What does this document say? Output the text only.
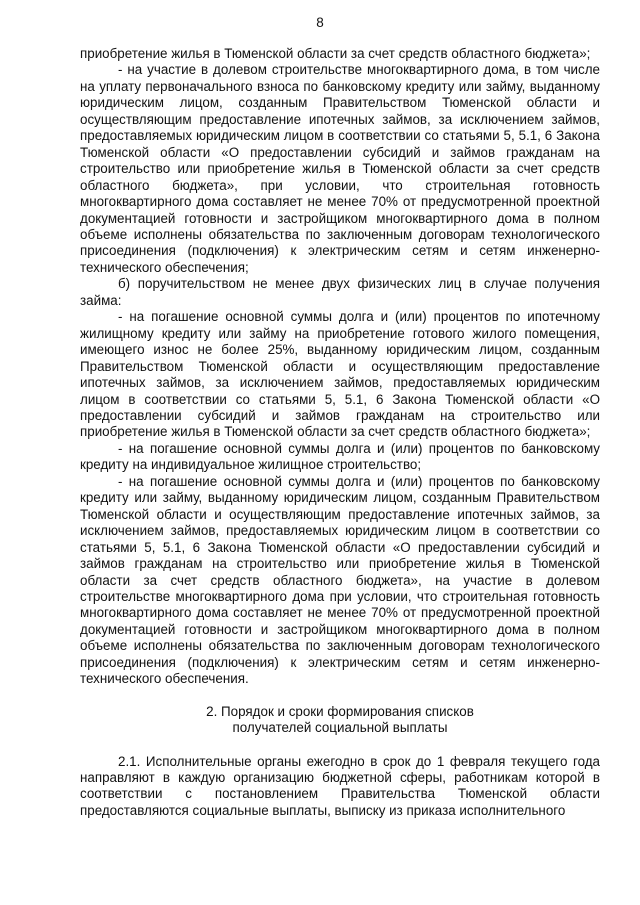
8

приобретение жилья в Тюменской области за счет средств областного бюджета»;

- на участие в долевом строительстве многоквартирного дома, в том числе на уплату первоначального взноса по банковскому кредиту или займу, выданному юридическим лицом, созданным Правительством Тюменской области и осуществляющим предоставление ипотечных займов, за исключением займов, предоставляемых юридическим лицом в соответствии со статьями 5, 5.1, 6 Закона Тюменской области «О предоставлении субсидий и займов гражданам на строительство или приобретение жилья в Тюменской области за счет средств областного бюджета», при условии, что строительная готовность многоквартирного дома составляет не менее 70% от предусмотренной проектной документацией готовности и застройщиком многоквартирного дома в полном объеме исполнены обязательства по заключенным договорам технологического присоединения (подключения) к электрическим сетям и сетям инженерно-технического обеспечения;

б) поручительством не менее двух физических лиц в случае получения займа:

- на погашение основной суммы долга и (или) процентов по ипотечному жилищному кредиту или займу на приобретение готового жилого помещения, имеющего износ не более 25%, выданному юридическим лицом, созданным Правительством Тюменской области и осуществляющим предоставление ипотечных займов, за исключением займов, предоставляемых юридическим лицом в соответствии со статьями 5, 5.1, 6 Закона Тюменской области «О предоставлении субсидий и займов гражданам на строительство или приобретение жилья в Тюменской области за счет средств областного бюджета»;

- на погашение основной суммы долга и (или) процентов по банковскому кредиту на индивидуальное жилищное строительство;

- на погашение основной суммы долга и (или) процентов по банковскому кредиту или займу, выданному юридическим лицом, созданным Правительством Тюменской области и осуществляющим предоставление ипотечных займов, за исключением займов, предоставляемых юридическим лицом в соответствии со статьями 5, 5.1, 6 Закона Тюменской области «О предоставлении субсидий и займов гражданам на строительство или приобретение жилья в Тюменской области за счет средств областного бюджета», на участие в долевом строительстве многоквартирного дома при условии, что строительная готовность многоквартирного дома составляет не менее 70% от предусмотренной проектной документацией готовности и застройщиком многоквартирного дома в полном объеме исполнены обязательства по заключенным договорам технологического присоединения (подключения) к электрическим сетям и сетям инженерно-технического обеспечения.

2. Порядок и сроки формирования списков
получателей социальной выплаты

2.1. Исполнительные органы ежегодно в срок до 1 февраля текущего года направляют в каждую организацию бюджетной сферы, работникам которой в соответствии с постановлением Правительства Тюменской области предоставляются социальные выплаты, выписку из приказа исполнительного
